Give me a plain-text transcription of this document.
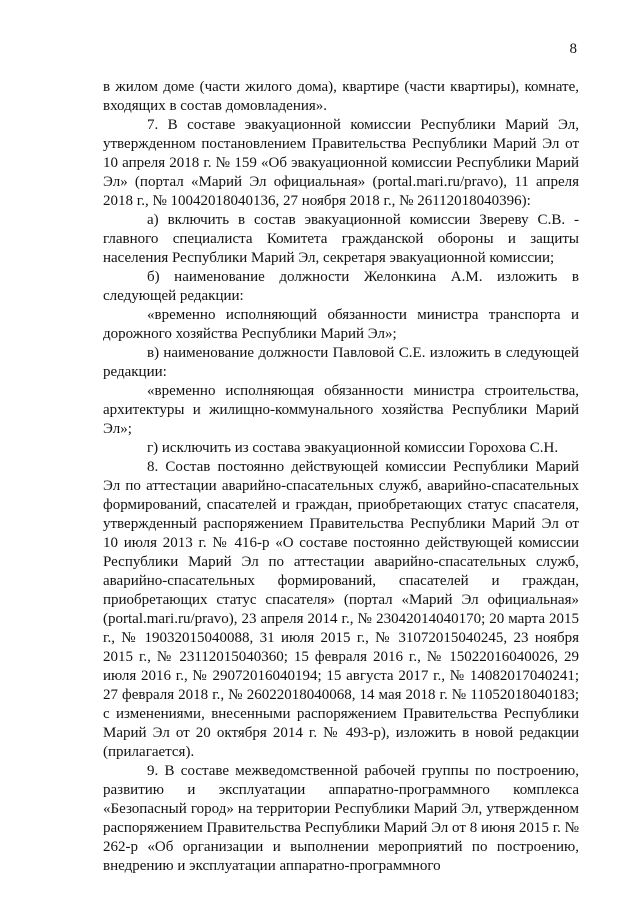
8

в жилом доме (части жилого дома), квартире (части квартиры), комнате, входящих в состав домовладения».

7. В составе эвакуационной комиссии Республики Марий Эл, утвержденном постановлением Правительства Республики Марий Эл от 10 апреля 2018 г. № 159 «Об эвакуационной комиссии Республики Марий Эл» (портал «Марий Эл официальная» (portal.mari.ru/pravo), 11 апреля 2018 г., № 10042018040136, 27 ноября 2018 г., № 26112018040396):

а) включить в состав эвакуационной комиссии Звереву С.В. - главного специалиста Комитета гражданской обороны и защиты населения Республики Марий Эл, секретаря эвакуационной комиссии;

б) наименование должности Желонкина А.М. изложить в следующей редакции:

«временно исполняющий обязанности министра транспорта и дорожного хозяйства Республики Марий Эл»;

в) наименование должности Павловой С.Е. изложить в следующей редакции:

«временно исполняющая обязанности министра строительства, архитектуры и жилищно-коммунального хозяйства Республики Марий Эл»;

г) исключить из состава эвакуационной комиссии Горохова С.Н.

8. Состав постоянно действующей комиссии Республики Марий Эл по аттестации аварийно-спасательных служб, аварийно-спасательных формирований, спасателей и граждан, приобретающих статус спасателя, утвержденный распоряжением Правительства Республики Марий Эл от 10 июля 2013 г. № 416-р «О составе постоянно действующей комиссии Республики Марий Эл по аттестации аварийно-спасательных служб, аварийно-спасательных формирований, спасателей и граждан, приобретающих статус спасателя» (портал «Марий Эл официальная» (portal.mari.ru/pravo), 23 апреля 2014 г., № 23042014040170; 20 марта 2015 г., № 19032015040088, 31 июля 2015 г., № 31072015040245, 23 ноября 2015 г., № 23112015040360; 15 февраля 2016 г., № 15022016040026, 29 июля 2016 г., № 29072016040194; 15 августа 2017 г., № 14082017040241; 27 февраля 2018 г., № 26022018040068, 14 мая 2018 г. № 11052018040183; с изменениями, внесенными распоряжением Правительства Республики Марий Эл от 20 октября 2014 г. № 493-р), изложить в новой редакции (прилагается).

9. В составе межведомственной рабочей группы по построению, развитию и эксплуатации аппаратно-программного комплекса «Безопасный город» на территории Республики Марий Эл, утвержденном распоряжением Правительства Республики Марий Эл от 8 июня 2015 г. № 262-р «Об организации и выполнении мероприятий по построению, внедрению и эксплуатации аппаратно-программного
